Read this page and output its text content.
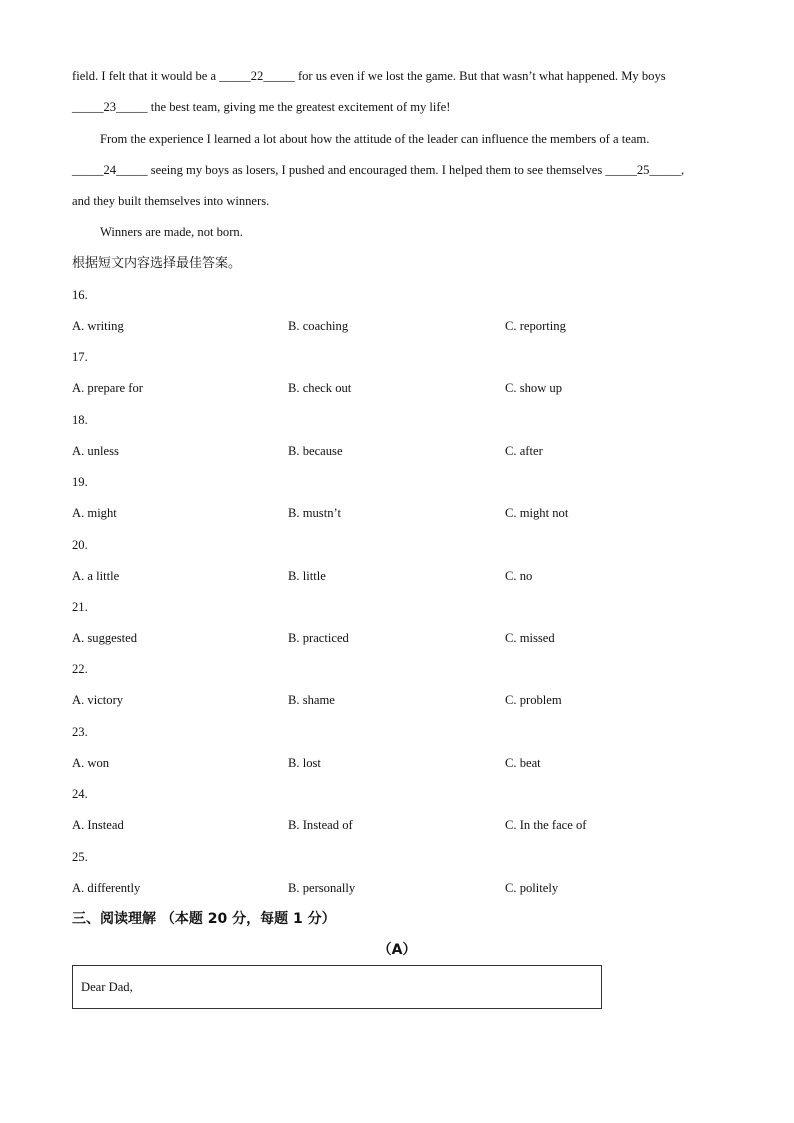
field. I felt that it would be a _____22_____ for us even if we lost the game. But that wasn’t what happened. My boys
_____23_____ the best team, giving me the greatest excitement of my life!
From the experience I learned a lot about how the attitude of the leader can influence the members of a team.
_____24_____ seeing my boys as losers, I pushed and encouraged them. I helped them to see themselves _____25_____,
and they built themselves into winners.
Winners are made, not born.
根据短文内容选择最佳答案。
16.
A. writing	B. coaching	C. reporting
17.
A. prepare for	B. check out	C. show up
18.
A. unless	B. because	C. after
19.
A. might	B. mustn’t	C. might not
20.
A. a little	B. little	C. no
21.
A. suggested	B. practiced	C. missed
22.
A. victory	B. shame	C. problem
23.
A. won	B. lost	C. beat
24.
A. Instead	B. Instead of	C. In the face of
25.
A. differently	B. personally	C. politely
三、阅读理解 （本题 20 分，每题 1 分）
（A）
Dear Dad,
